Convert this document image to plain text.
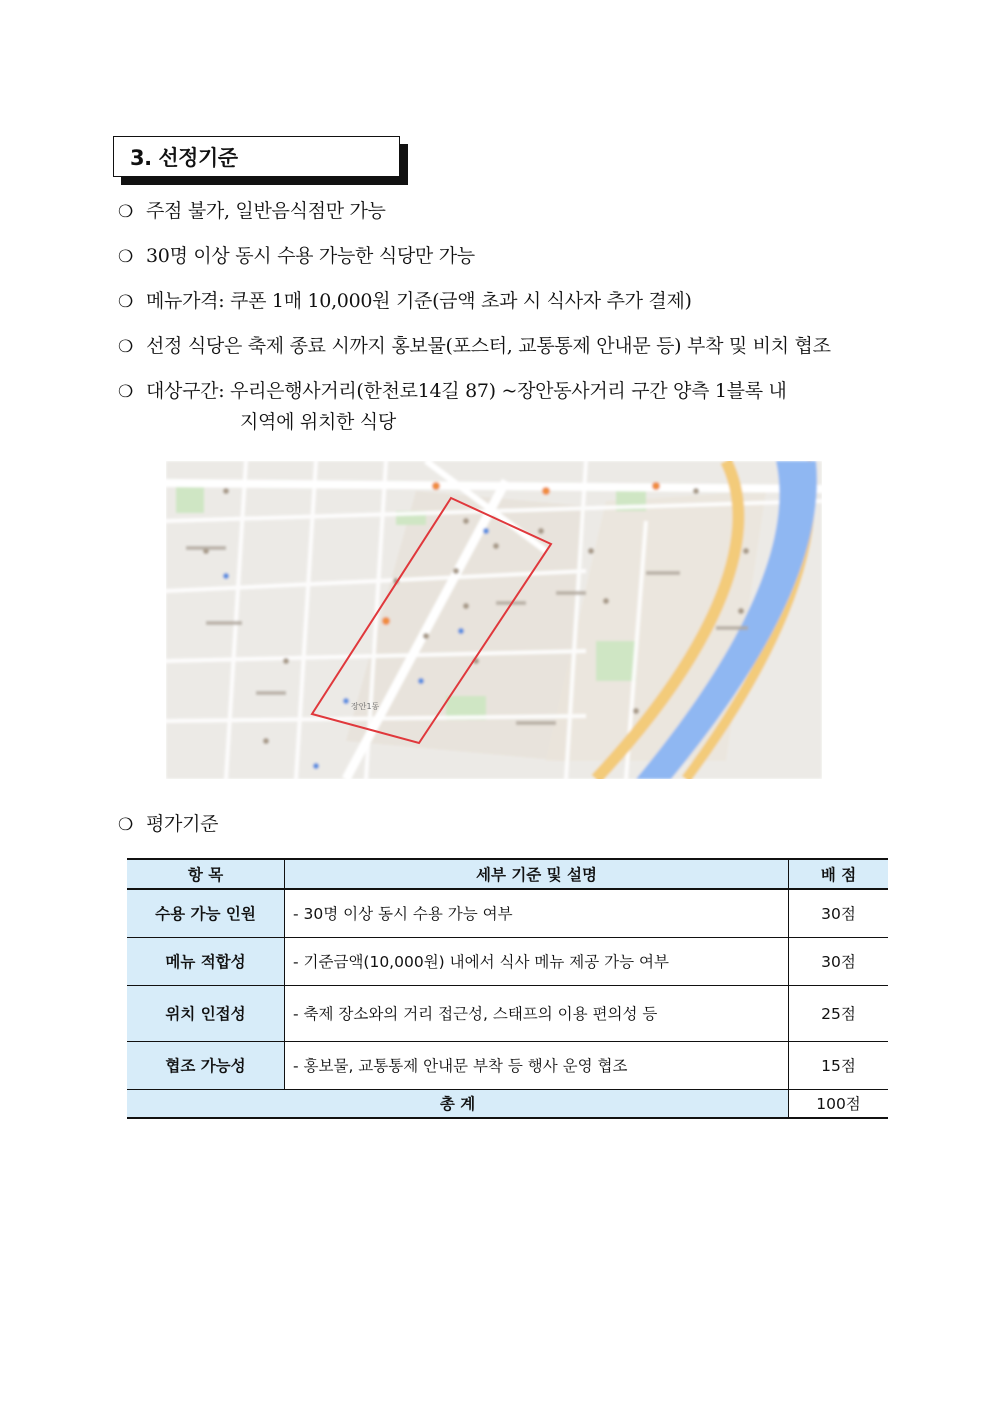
3. 선정기준
❍ 주점 불가, 일반음식점만 가능
❍ 30명 이상 동시 수용 가능한 식당만 가능
❍ 메뉴가격: 쿠폰 1매 10,000원 기준(금액 초과 시 식사자 추가 결제)
❍ 선정 식당은 축제 종료 시까지 홍보물(포스터, 교통통제 안내문 등) 부착 및 비치 협조
❍ 대상구간: 우리은행사거리(한천로14길 87) ~장안동사거리 구간 양측 1블록 내
지역에 위치한 식당
장안1동
❍ 평가기준
항 목	세부 기준 및 설명	배 점
수용 가능 인원	- 30명 이상 동시 수용 가능 여부	30점
메뉴 적합성	- 기준금액(10,000원) 내에서 식사 메뉴 제공 가능 여부	30점
위치 인접성	- 축제 장소와의 거리 접근성, 스태프의 이용 편의성 등	25점
협조 가능성	- 홍보물, 교통통제 안내문 부착 등 행사 운영 협조	15점
총 계		100점
